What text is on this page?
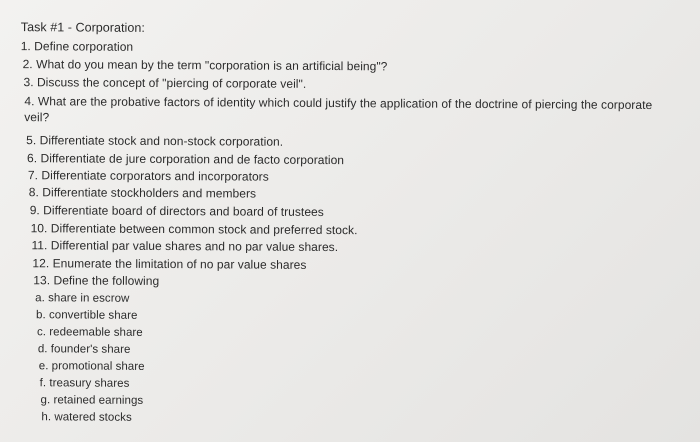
Task #1 - Corporation:
1. Define corporation
2. What do you mean by the term "corporation is an artificial being"?
3. Discuss the concept of "piercing of corporate veil".
4. What are the probative factors of identity which could justify the application of the doctrine of piercing the corporate
veil?
5. Differentiate stock and non-stock corporation.
6. Differentiate de jure corporation and de facto corporation
7. Differentiate corporators and incorporators
8. Differentiate stockholders and members
9. Differentiate board of directors and board of trustees
10. Differentiate between common stock and preferred stock.
11. Differential par value shares and no par value shares.
12. Enumerate the limitation of no par value shares
13. Define the following
a. share in escrow
b. convertible share
c. redeemable share
d. founder's share
e. promotional share
f. treasury shares
g. retained earnings
h. watered stocks
